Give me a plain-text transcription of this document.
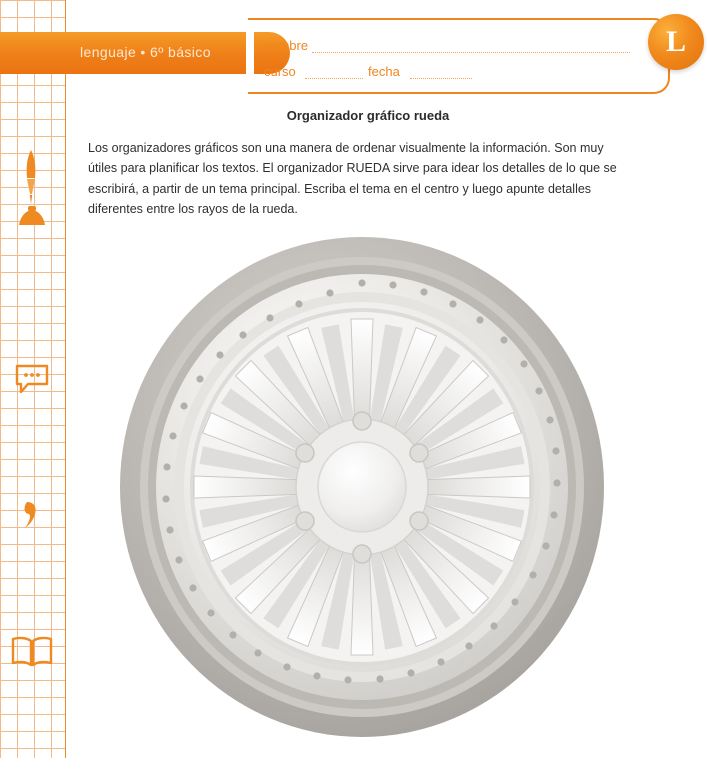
lenguaje • 6º básico	nombre
curso	fecha
L
Organizador gráfico rueda
Los organizadores gráficos son una manera de ordenar visualmente la información. Son muy útiles para planificar los textos. El organizador RUEDA sirve para idear los detalles de lo que se escribirá, a partir de un tema principal. Escriba el tema en el centro y luego apunte detalles diferentes entre los rayos de la rueda.
